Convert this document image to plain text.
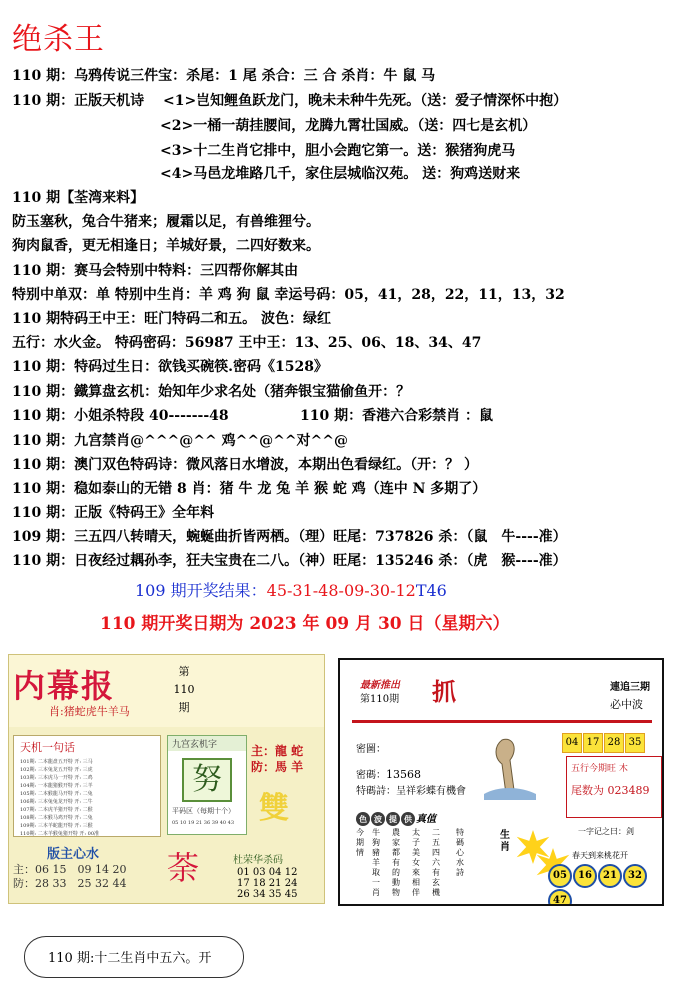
绝杀王
110 期：乌鸦传说三件宝：杀尾：1 尾 杀合：三 合 杀肖：牛 鼠 马
110 期：正版天机诗　 <1>岂知鲤鱼跃龙门，晚未未种牛先死。（送：爱子情深怀中抱）
<2>一桶一葫挂腰间，龙腾九霄壮国威。（送：四七是玄机）
<3>十二生肖它排中，胆小会跑它第一。送：猴猪狗虎马
<4>马邑龙堆路几千，家住层城临汉苑。 送：狗鸡送财来
110 期【荃湾来料】
防玉塞秋，兔合牛猪来；履霜以足，有兽维狸兮。
狗肉鼠香，更无相逢日；羊城好景，二四好数来。
110 期：赛马会特别中特料：三四帮你解其由
特别中单双：单 特别中生肖：羊 鸡 狗 鼠 幸运号码：05，41，28，22，11，13，32
110 期特码王中王：旺门特码二和五。 波色：绿红
五行：水火金。 特码密码：56987 王中王：13、25、06、18、34、47
110 期：特码过生日：欲钱买碗筷.密码《1528》
110 期：鐵算盘玄机：始知年少求名处（猪奔银宝猫偷鱼开：？
110 期：小姐杀特段 40-------48	110 期：香港六合彩禁肖 ：鼠
110 期：九宫禁肖@^^^@^^ 鸡^^@^^对^^@
110 期：澳门双色特码诗：微风落日水增波，本期出色看绿红。（开：？ ）
110 期：稳如泰山的无错 8 肖：猪 牛 龙 兔 羊 猴 蛇 鸡（连中 N 多期了）
110 期：正版《特码王》全年料
109 期：三五四八转晴天，蜿蜒曲折皆两栖。（理）旺尾：737826 杀：（鼠　牛----准）
110 期：日夜经过耦孙李，狂夫宝贵在二八。（神）旺尾：135246 杀：（虎　猴----准）
109 期开奖结果：45-31-48-09-30-12T46
110 期开奖日期为 2023 年 09 月 30 日（星期六）
内幕报	第110期
肖:猪蛇虎牛羊马
天机一句话
101期: 二本龍盘五开特 开: 三马
102期: 三本兔龙五开特 开: 三虎
103期: 三本虎马一开特 开: 二鸡
104期: 一本龍猪猴开特 开: 三羊
105期: 二本猴龍马开特 开: 二兔
106期: 三本兔兔龙开特 开: 二牛
107期: 二本虎羊猪开特 开: 二猴
108期: 二本猴马鸡开特 开: 二兔
109期: 三本羊蛇龍开特 开: 三猴
110期: 二本羊猴兔猪开特 开: 00准
九宫玄机字
努
平码区（每期十个）
05 10 19 21 36 39 40 43
主：龍 蛇
防：馬 羊
雙
版主心水
主：06 15　09 14 20
防：28 33　25 32 44	荼	杜荣华杀码
01 03 04 12
17 18 21 24
26 34 35 45
最新推出
第110期 抓	連追三期
必中波
密圖：
密碼：13568
特碼詩：呈祥彩蝶有機會
04 17 28 35
五行今期旺 木
尾数为 023489
色 波 提 供 真值
今期情
牛狗豬羊取一肖
農家都有的動物
太子美女來相伴
二五四六有玄機
特碼心水詩
生肖
一字记之曰：剑
春天到来桃花开
05 16 21 3247
110 期:十二生肖中五六。开
